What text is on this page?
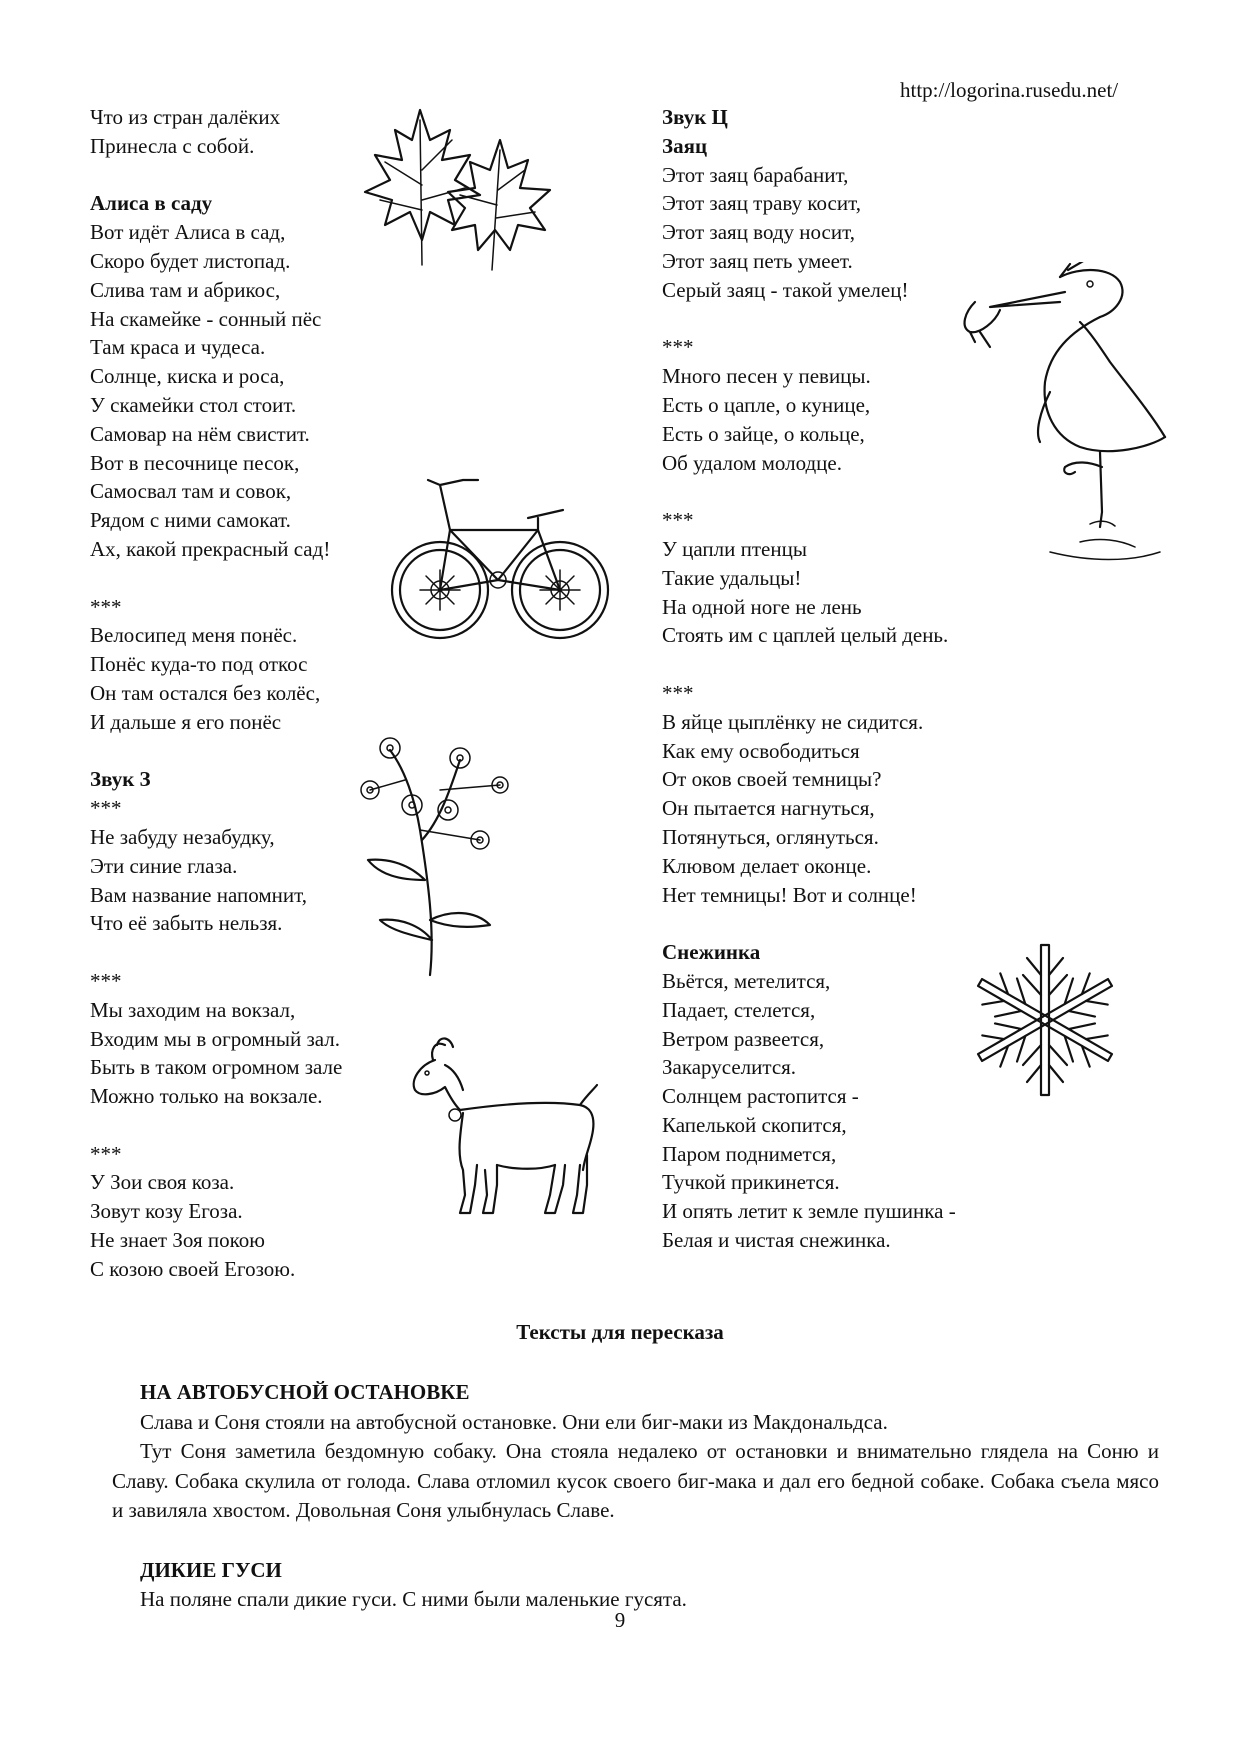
http://logorina.rusedu.net/
Что из стран далёких
Принесла с собой.
Алиса в саду
Вот идёт Алиса в сад,
Скоро будет листопад.
Слива там и абрикос,
На скамейке - сонный пёс
Там краса и чудеса.
Солнце, киска и роса,
У скамейки стол стоит.
Самовар на нём свистит.
Вот в песочнице песок,
Самосвал там и совок,
Рядом с ними самокат.
Ах, какой прекрасный сад!
***
Велосипед меня понёс.
Понёс куда-то под откос
Он там остался без колёс,
И дальше я его понёс
Звук З
***
Не забуду незабудку,
Эти синие глаза.
Вам название напомнит,
Что её забыть нельзя.
***
Мы заходим на вокзал,
Входим мы в огромный зал.
Быть в таком огромном зале
Можно только на вокзале.
***
У Зои своя коза.
Зовут козу Егоза.
Не знает Зоя покою
С козою своей Егозою.
Звук Ц
Заяц
Этот заяц барабанит,
Этот заяц траву косит,
Этот заяц воду носит,
Этот заяц петь умеет.
Серый заяц - такой умелец!
***
Много песен у певицы.
Есть о цапле, о кунице,
Есть о зайце, о кольце,
Об удалом молодце.
***
У цапли птенцы
Такие удальцы!
На одной ноге не лень
Стоять им с цаплей целый день.
***
В яйце цыплёнку не сидится.
Как ему освободиться
От оков своей темницы?
Он пытается нагнуться,
Потянуться, оглянуться.
Клювом делает оконце.
Нет темницы! Вот и солнце!
Снежинка
Вьётся, метелится,
Падает, стелется,
Ветром развеется,
Закаруселится.
Солнцем растопится -
Капелькой скопится,
Паром поднимется,
Тучкой прикинется.
И опять летит к земле пушинка -
Белая и чистая снежинка.
Тексты для пересказа
НА АВТОБУСНОЙ ОСТАНОВКЕ

Слава и Соня стояли на автобусной остановке. Они ели биг-маки из Макдональдса.

Тут Соня заметила бездомную собаку. Она стояла недалеко от остановки и внимательно глядела на Соню и Славу. Собака скулила от голода. Слава отломил кусок своего биг-мака и дал его бедной собаке. Собака съела мясо и завиляла хвостом. Довольная Соня улыбнулась Славе.

ДИКИЕ ГУСИ

На поляне спали дикие гуси. С ними были маленькие гусята.

9
